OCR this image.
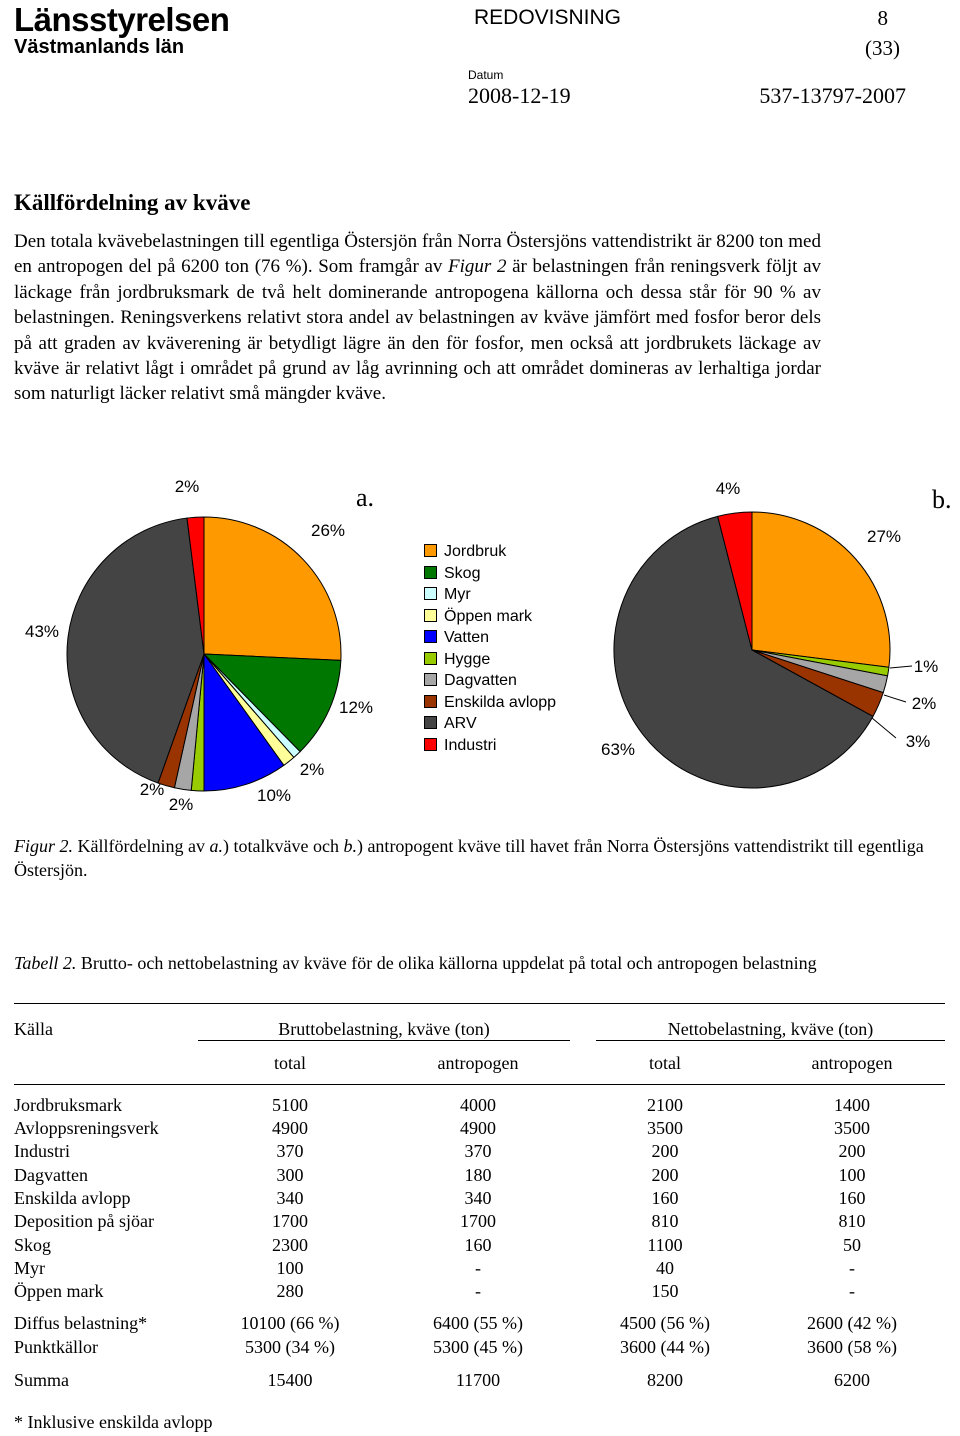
Länsstyrelsen
Västmanlands län
REDOVISNING	8
(33)
Datum
2008-12-19	537-13797-2007
Källfördelning av kväve

Den totala kvävebelastningen till egentliga Östersjön från Norra Östersjöns vattendistrikt är 8200 ton med en antropogen del på 6200 ton (76 %). Som framgår av Figur 2 är belastningen från reningsverk följt av läckage från jordbruksmark de två helt dominerande antropogena källorna och dessa står för 90 % av belastningen. Reningsverkens relativt stora andel av belastningen av kväve jämfört med fosfor beror dels på att graden av kväverening är betydligt lägre än den för fosfor, men också att jordbrukets läckage av kväve är relativt lågt i området på grund av låg avrinning och att området domineras av lerhaltiga jordar som naturligt läcker relativt små mängder kväve.

26%
12%
2%
10%
2%
2%
43%
2%	a.
27%
1%
2%
3%
63%
4%	b.
Jordbruk
Skog
Myr
Öppen mark
Vatten
Hygge
Dagvatten
Enskilda avlopp
ARV
Industri
Figur 2. Källfördelning av a.) totalkväve och b.) antropogent kväve till havet från Norra Östersjöns vattendistrikt till egentliga Östersjön.
Tabell 2. Brutto- och nettobelastning av kväve för de olika källorna uppdelat på total och antropogen belastning
Källa	Bruttobelastning, kväve (ton)	Nettobelastning, kväve (ton)
total	antropogen	total	antropogen
Jordbruksmark	5100	4000	2100	1400
Avloppsreningsverk	4900	4900	3500	3500
Industri	370	370	200	200
Dagvatten	300	180	200	100
Enskilda avlopp	340	340	160	160
Deposition på sjöar	1700	1700	810	810
Skog	2300	160	1100	50
Myr	100	-	40	-
Öppen mark	280	-	150	-
Diffus belastning*	10100 (66 %)	6400 (55 %)	4500 (56 %)	2600 (42 %)
Punktkällor	5300 (34 %)	5300 (45 %)	3600 (44 %)	3600 (58 %)
Summa	15400	11700	8200	6200
* Inklusive enskilda avlopp
